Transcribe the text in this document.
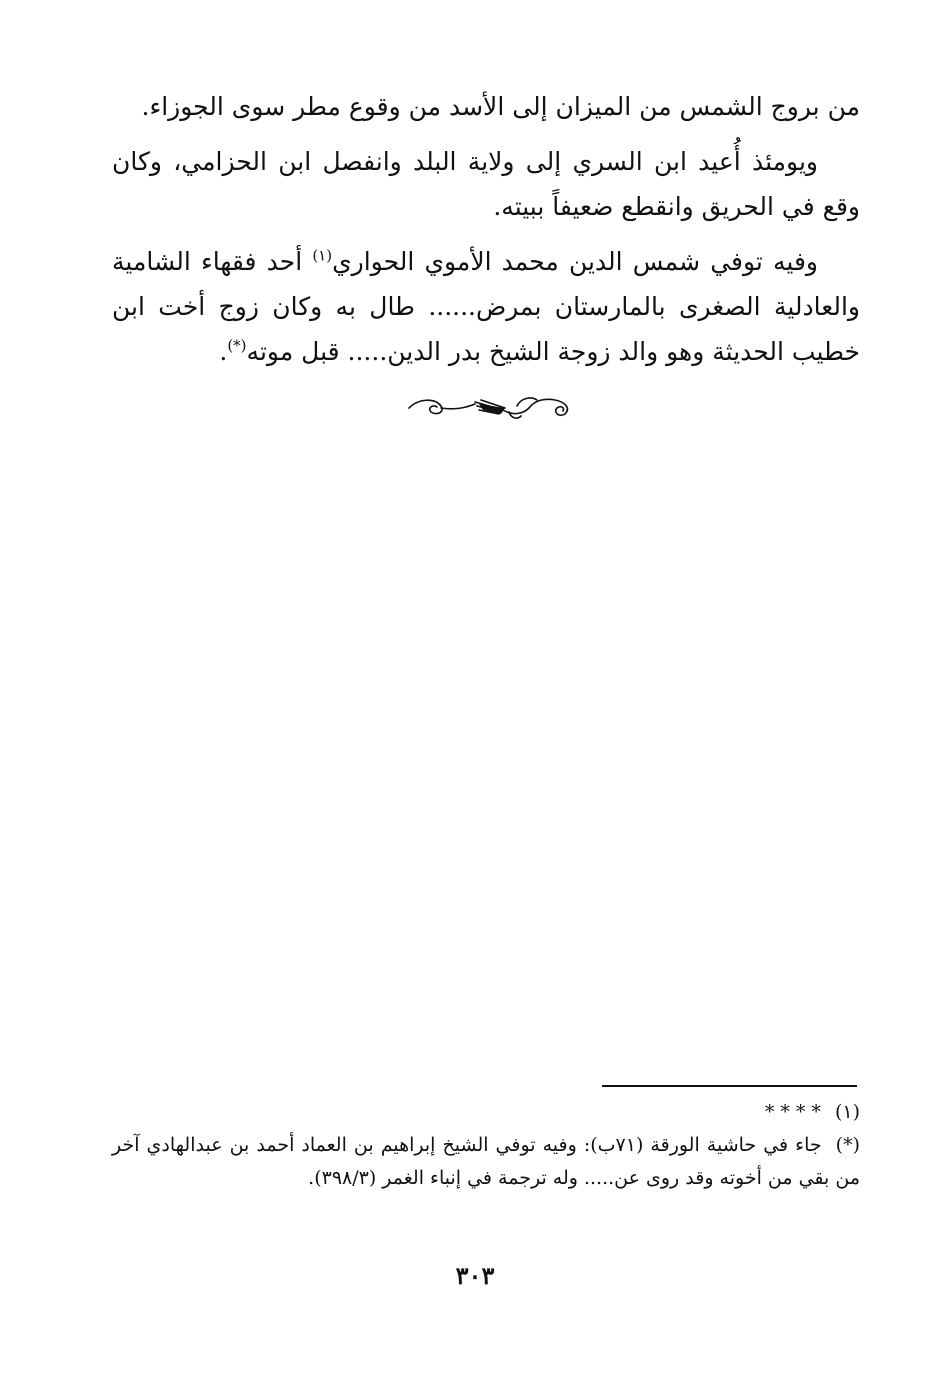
من بروج الشمس من الميزان إلى الأسد من وقوع مطر سوى الجوزاء.

ويومئذ أُعيد ابن السري إلى ولاية البلد وانفصل ابن الحزامي، وكان وقع في الحريق وانقطع ضعيفاً ببيته.

وفيه توفي شمس الدين محمد الأموي الحواري$^{(١)}$ أحد فقهاء الشامية والعادلية الصغرى بالمارستان بمرض...... طال به وكان زوج أخت ابن خطيب الحديثة وهو والد زوجة الشيخ بدر الدين..... قبل موته(*).

(١)* * * *

(*)جاء في حاشية الورقة (٧١ب): وفيه توفي الشيخ إبراهيم بن العماد أحمد بن عبدالهادي آخر من بقي من أخوته وقد روى عن..... وله ترجمة في إنباء الغمر (٣٩٨/٣).

٣٠٣
